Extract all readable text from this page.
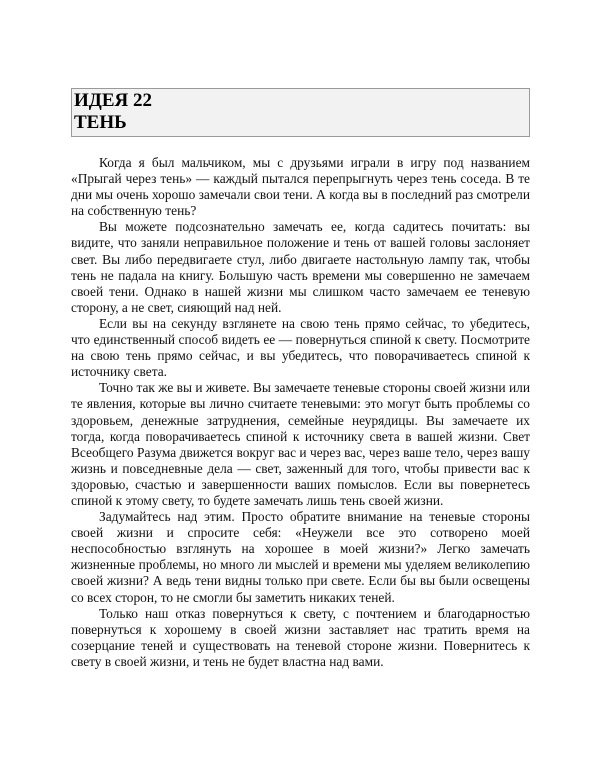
ИДЕЯ 22
ТЕНЬ

Когда я был мальчиком, мы с друзьями играли в игру под названием «Прыгай через тень» — каждый пытался перепрыгнуть через тень соседа. В те дни мы очень хорошо замечали свои тени. А когда вы в последний раз смотрели на собственную тень?

Вы можете подсознательно замечать ее, когда садитесь почитать: вы видите, что заняли неправильное положение и тень от вашей головы заслоняет свет. Вы либо передвигаете стул, либо двигаете настольную лампу так, чтобы тень не падала на книгу. Большую часть времени мы совершенно не замечаем своей тени. Однако в нашей жизни мы слишком часто замечаем ее теневую сторону, а не свет, сияющий над ней.

Если вы на секунду взглянете на свою тень прямо сейчас, то убедитесь, что единственный способ видеть ее — повернуться спиной к свету. Посмотрите на свою тень прямо сейчас, и вы убедитесь, что поворачиваетесь спиной к источнику света.

Точно так же вы и живете. Вы замечаете теневые стороны своей жизни или те явления, которые вы лично считаете теневыми: это могут быть проблемы со здоровьем, денежные затруднения, семейные неурядицы. Вы замечаете их тогда, когда поворачиваетесь спиной к источнику света в вашей жизни. Свет Всеобщего Разума движется вокруг вас и через вас, через ваше тело, через вашу жизнь и повседневные дела — свет, заженный для того, чтобы привести вас к здоровью, счастью и завершенности ваших помыслов. Если вы повернетесь спиной к этому свету, то будете замечать лишь тень своей жизни.

Задумайтесь над этим. Просто обратите внимание на теневые стороны своей жизни и спросите себя: «Неужели все это сотворено моей неспособностью взглянуть на хорошее в моей жизни?» Легко замечать жизненные проблемы, но много ли мыслей и времени мы уделяем великолепию своей жизни? А ведь тени видны только при свете. Если бы вы были освещены со всех сторон, то не смогли бы заметить никаких теней.

Только наш отказ повернуться к свету, с почтением и благодарностью повернуться к хорошему в своей жизни заставляет нас тратить время на созерцание теней и существовать на теневой стороне жизни. Повернитесь к свету в своей жизни, и тень не будет властна над вами.
